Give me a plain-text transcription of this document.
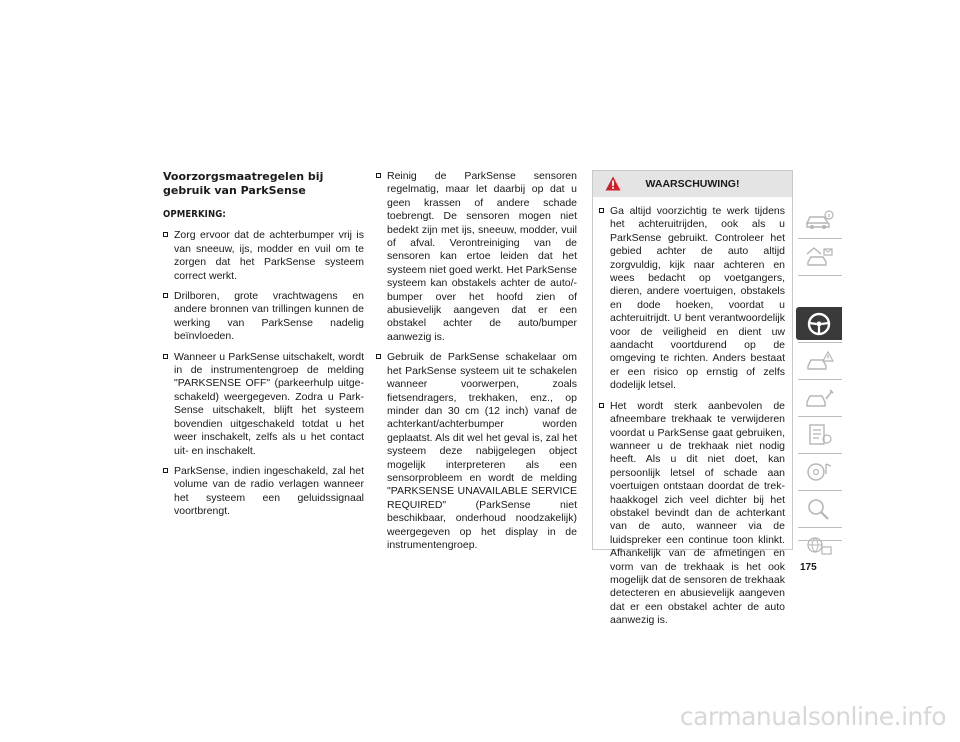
Voorzorgsmaatregelen bij gebruik van ParkSense
OPMERKING:
Zorg ervoor dat de achterbumper vrij is van sneeuw, ijs, modder en vuil om te zorgen dat het ParkSense systeem correct werkt.
Drilboren, grote vrachtwagens en andere bronnen van trillingen kunnen de werking van ParkSense nadelig beïnvloeden.
Wanneer u ParkSense uitschakelt, wordt in de instrumentengroep de melding "PARKSENSE OFF" (parkeerhulp uitgeschakeld) weergegeven. Zodra u ParkSense uitschakelt, blijft het systeem bovendien uitgeschakeld totdat u het weer inschakelt, zelfs als u het contact uit- en inschakelt.
ParkSense, indien ingeschakeld, zal het volume van de radio verlagen wanneer het systeem een geluidssignaal voortbrengt.
Reinig de ParkSense sensoren regelmatig, maar let daarbij op dat u geen krassen of andere schade toebrengt. De sensoren mogen niet bedekt zijn met ijs, sneeuw, modder, vuil of afval. Verontreiniging van de sensoren kan ertoe leiden dat het systeem niet goed werkt. Het ParkSense systeem kan obstakels achter de auto/bumper over het hoofd zien of abusievelijk aangeven dat er een obstakel achter de auto/bumper aanwezig is.
Gebruik de ParkSense schakelaar om het ParkSense systeem uit te schakelen wanneer voorwerpen, zoals fietsendragers, trekhaken, enz., op minder dan 30 cm (12 inch) vanaf de achterkant/achterbumper worden geplaatst. Als dit wel het geval is, zal het systeem deze nabijgelegen object mogelijk interpreteren als een sensorprobleem en wordt de melding "PARKSENSE UNAVAILABLE SERVICE REQUIRED" (ParkSense niet beschikbaar, onderhoud noodzakelijk) weergegeven op het display in de instrumentengroep.
WAARSCHUWING!
Ga altijd voorzichtig te werk tijdens het achteruitrijden, ook als u ParkSense gebruikt. Controleer het gebied achter de auto altijd zorgvuldig, kijk naar achteren en wees bedacht op voetgangers, dieren, andere voertuigen, obstakels en dode hoeken, voordat u achteruitrijdt. U bent verantwoordelijk voor de veiligheid en dient uw aandacht voortdurend op de omgeving te richten. Anders bestaat er een risico op ernstig of zelfs dodelijk letsel.
Het wordt sterk aanbevolen de afneembare trekhaak te verwijderen voordat u ParkSense gaat gebruiken, wanneer u de trekhaak niet nodig heeft. Als u dit niet doet, kan persoonlijk letsel of schade aan voertuigen ontstaan doordat de trekhaakkogel zich veel dichter bij het obstakel bevindt dan de achterkant van de auto, wanneer via de luidspreker een continue toon klinkt. Afhankelijk van de afmetingen en vorm van de trekhaak is het ook mogelijk dat de sensoren de trekhaak detecteren en abusievelijk aangeven dat er een obstakel achter de auto aanwezig is.
175
carmanualsonline.info
